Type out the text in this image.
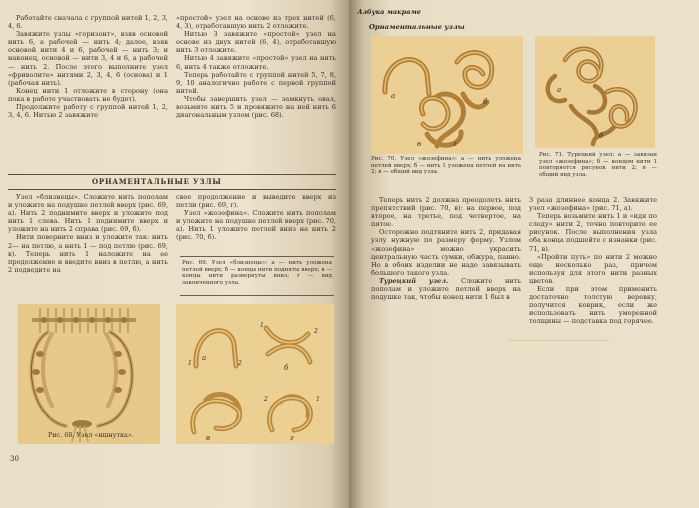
Работайте сначала с группой нитей 1, 2, 3, 4, 6.

Завяжите узлы «горизонт», взяв основой нить 6, а рабочей — нить 4; далее, взяв основой нити 4 и 6, рабочей — нить 3; и наконец, основой — нити 3, 4 и 6, а рабочей — нить 2. После этого выполните узел «фриволите» нитями 2, 3, 4, 6 (основа) и 1 (рабочая нить).

Конец нити 1 отложите в сторону (она пока в работе участвовать не будет).

Продолжите работу с группой нитей 1, 2, 3, 4, 6. Нитью 2 завяжите

«простой» узел на основе из трех нитей (6, 4, 3), отработавшую нить 2 отложите.

Нитью 3 завяжите «простой» узел на основе из двух нитей (6, 4), отработавшую нить 3 отложите.

Нитью 4 завяжите «простой» узел на нить 6, нить 4 также отложите.

Теперь работайте с группой нитей 5, 7, 8, 9, 10 аналогично работе с первой группой нитей.

Чтобы завершить узел — замкнуть овал, возьмите нить 5 и провяжите на ней нить 6 диагональным узлом (рис. 68).

ОРНАМЕНТАЛЬНЫЕ УЗЛЫ

Узел «близнецы». Сложите нить пополам и уложите на подушке петлей вверх (рис. 69, а). Нить 2 поднимите вверх и уложите под нить 1 слева. Нить 1 поднимите вверх и уложите на нить 2 справа (рис. 69, б).

Нити поверните вниз и уложите так: нить 2— на петлю, а нить 1 — под петлю (рис. 69, в). Теперь нить 1 наложите на ее продолжение и введите вниз в петлю, а нить 2 подведите на

свое продолжение и выведите вверх из петли (рис. 69, г).

Узел «жозефина». Сложите нить пополам и уложите на подушке петлей вверх (рис. 70, а). Нить 1 уложите петлей вниз на нить 2 (рис. 70, б).

Рис. 69. Узел «близнецы»: а — нить уложена петлей вверх; б — концы нити подняты вверх; в — концы нити развернуты вниз; г — вид законченного узла.
Рис. 68. Узел «ншнутка».
а
б
в	г
1	2
1
2
2	1
30
Азбука макраме
Орнаментальные узлы
а
б
в	г
Рис. 70. Узел «жозефина»: а — нить уложена петлей вверх; б — нить 1 уложена петлей на нить 2; в — общий вид узла.
а
б
Рис. 71. Турецкий узел: а — завязан узел «жозефина»; б — концом нити 1 повторяется рисунок нити 2; в — общий вид узла.

Теперь нить 2 должна преодолеть нить препятствий (рис. 70, в): на первое, под второе, на третье, под четвертое, на пятое.

Осторожно подтяните нить 2, придавая узлу нужную по размеру форму. Узлом «жозефина» можно украсить центральную часть сумки, обжура, панно. Но в обоих изделии не надо завязывать большого такого узла.

Турецкий узел. Сложите нить пополам и уложите петлей вверх на подушке так, чтобы конец нити 1 был в

3 раза длиннее конца 2. Завяжите узел «жозефина» (рис. 71, а).

Теперь возьмите нить 1 и «идя по следу» нити 2, точно повторите ее рисунок. После выполнения узла оба конца подшейте с изнанки (рис. 71, в).

«Пройти путь» по нити 2 можно еще несколько раз, причем используя для этого нити разных цветов.

Если при этом применить достаточно толстую веревку, получится коврик, если же использовать нить умеренной толщины — подставка под горячее.
